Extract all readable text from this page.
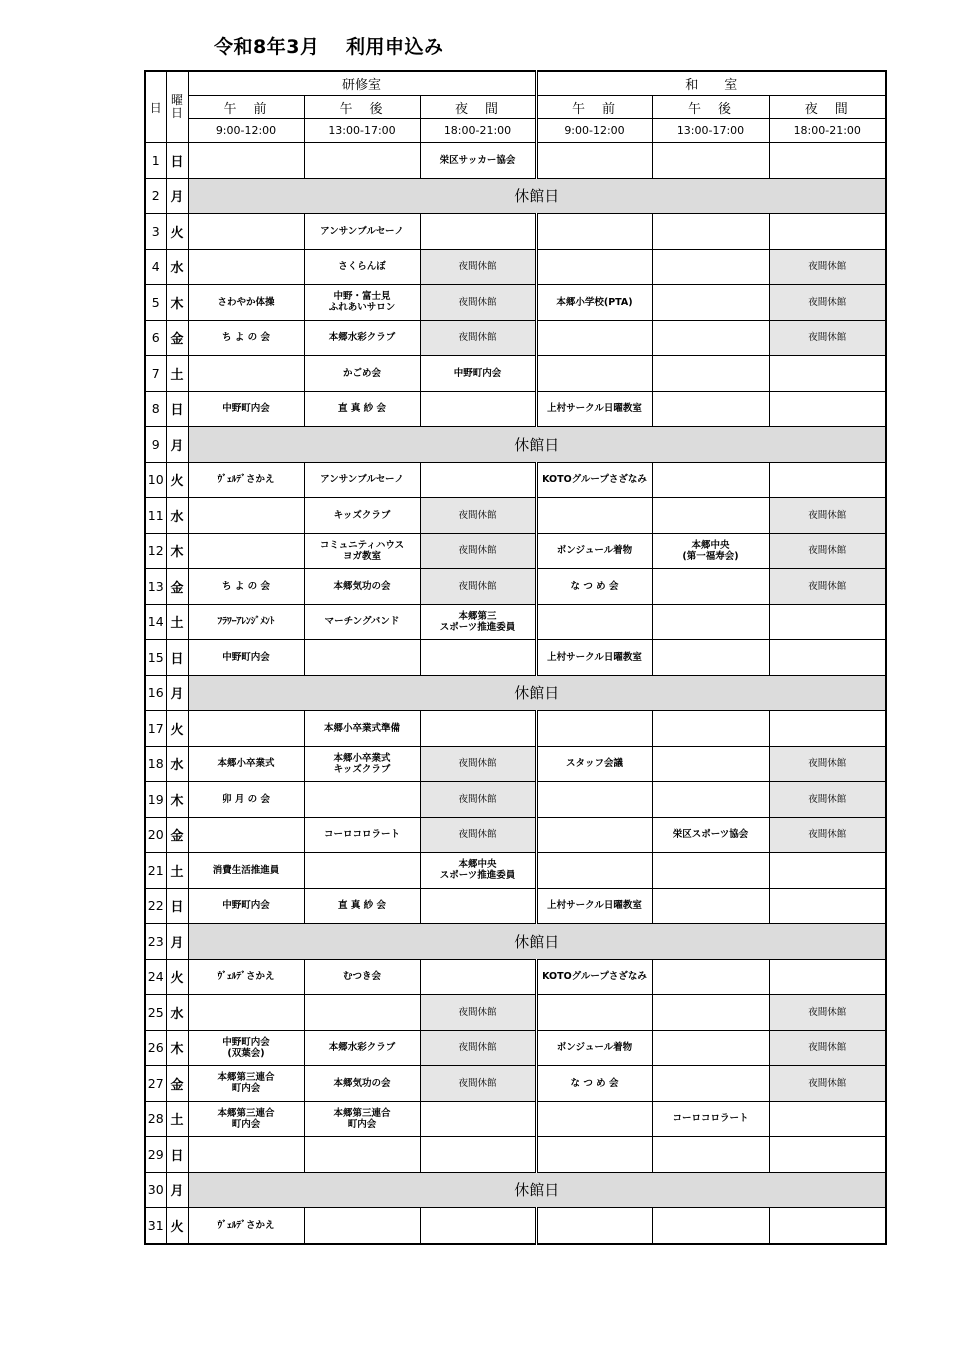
令和8年3月　 利用申込み
日	曜日	研修室			和　　室		
		午　前	午　後	夜　間	午　前	午　後	夜　間
		9:00-12:00	13:00-17:00	18:00-21:00	9:00-12:00	13:00-17:00	18:00-21:00
1	日			栄区サッカー協会			
2	月	休館日					
3	火		アンサンブルセーノ				
4	水		さくらんぼ	夜間休館			夜間休館
5	木	さわやか体操	中野・富士見
ふれあいサロン	夜間休館	本郷小学校(PTA)		夜間休館
6	金	ち よ の 会	本郷水彩クラブ	夜間休館			夜間休館
7	土		かごめ会	中野町内会			
8	日	中野町内会	直 真 紗 会		上村サークル日曜教室		
9	月	休館日					
10	火	ｳﾞｪﾙﾃﾞさかえ	アンサンブルセーノ		KOTOグループさざなみ		
11	水		キッズクラブ	夜間休館			夜間休館
12	木		コミュニティハウス
ヨガ教室	夜間休館	ボンジュール着物	本郷中央
(第一福寿会)	夜間休館
13	金	ち よ の 会	本郷気功の会	夜間休館	な つ め 会		夜間休館
14	土	ﾌﾗﾜｰｱﾚﾝｼﾞﾒﾝﾄ	マーチングバンド	本郷第三
スポーツ推進委員			
15	日	中野町内会			上村サークル日曜教室		
16	月	休館日					
17	火		本郷小卒業式準備				
18	水	本郷小卒業式	本郷小卒業式
キッズクラブ	夜間休館	スタッフ会議		夜間休館
19	木	卯 月 の 会		夜間休館			夜間休館
20	金		コーロコロラート	夜間休館		栄区スポーツ協会	夜間休館
21	土	消費生活推進員		本郷中央
スポーツ推進委員			
22	日	中野町内会	直 真 紗 会		上村サークル日曜教室		
23	月	休館日					
24	火	ｳﾞｪﾙﾃﾞさかえ	むつき会		KOTOグループさざなみ		
25	水			夜間休館			夜間休館
26	木	中野町内会
(双葉会)	本郷水彩クラブ	夜間休館	ボンジュール着物		夜間休館
27	金	本郷第三連合
町内会	本郷気功の会	夜間休館	な つ め 会		夜間休館
28	土	本郷第三連合
町内会	本郷第三連合
町内会			コーロコロラート	
29	日						
30	月	休館日					
31	火	ｳﾞｪﾙﾃﾞさかえ					
